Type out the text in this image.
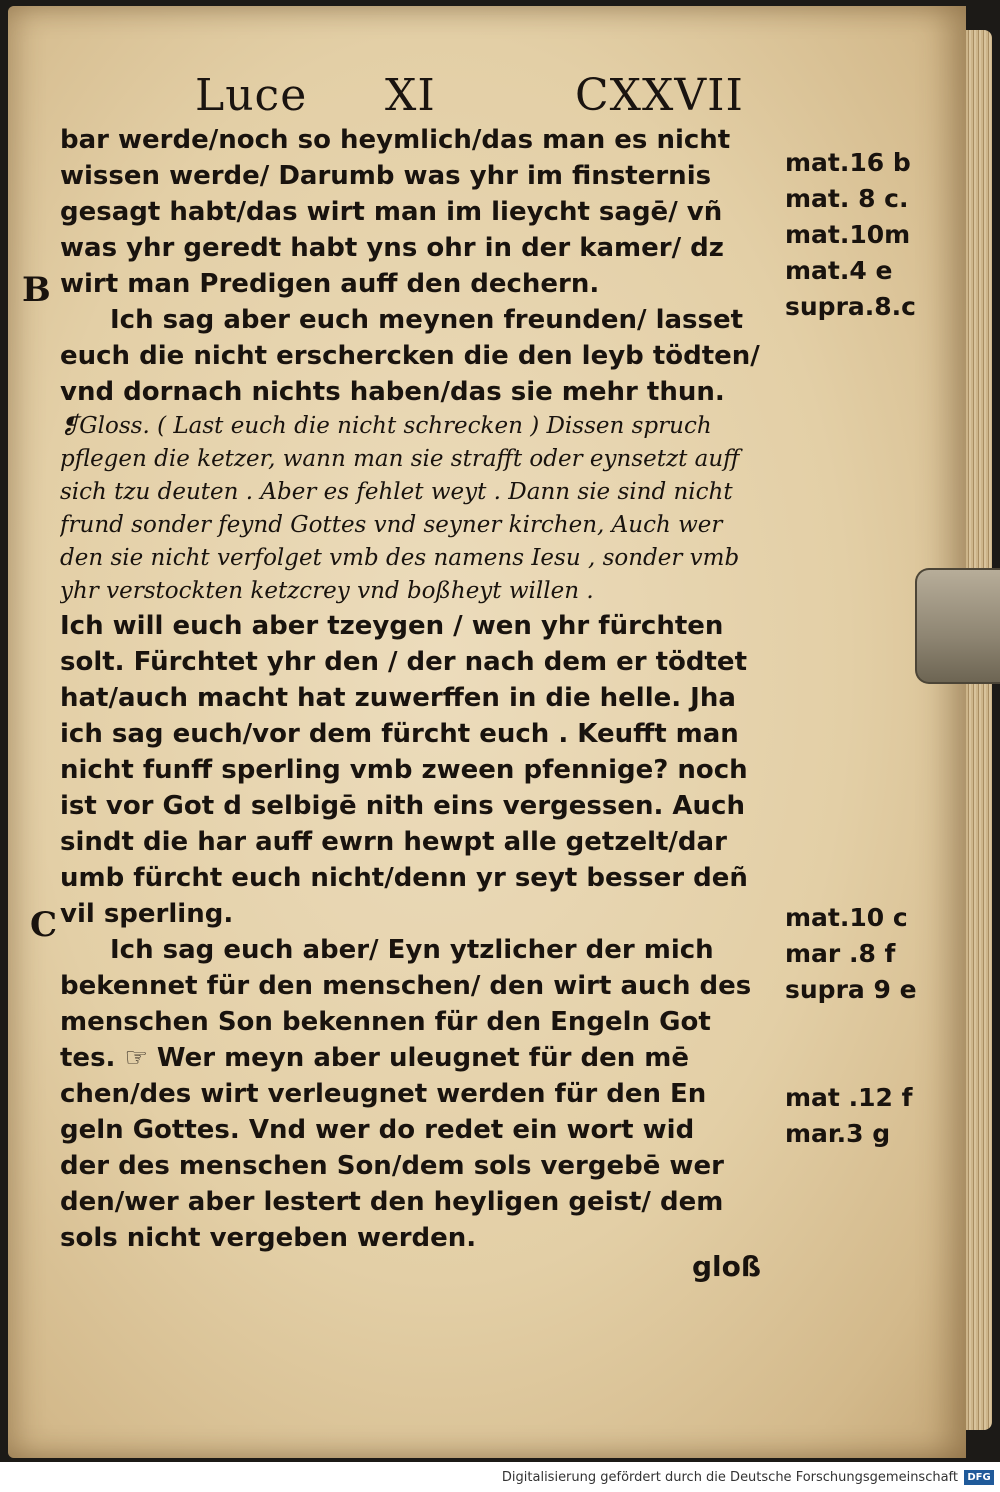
Luce XI	CXXVII
B
C
bar werde/noch so heymlich/das man es nicht
wissen werde/ Darumb was yhr im finsternis
gesagt habt/das wirt man im lieycht sagē/ vñ
was yhr geredt habt yns ohr in der kamer/ dz
wirt man Predigen auff den dechern.
Ich sag aber euch meynen freunden/ lasset
euch die nicht erschercken die den leyb tödten/
vnd dornach nichts haben/das sie mehr thun.
❡Gloss. ( Last euch die nicht schrecken ) Dissen spruch
pflegen die ketzer, wann man sie strafft oder eynsetzt auff
sich tzu deuten . Aber es fehlet weyt . Dann sie sind nicht
frund sonder feynd Gottes vnd seyner kirchen, Auch wer
den sie nicht verfolget vmb des namens Iesu , sonder vmb
yhr verstockten ketzcrey vnd boßheyt willen .
Ich will euch aber tzeygen / wen yhr fürchten
solt. Fürchtet yhr den / der nach dem er tödtet
hat/auch macht hat zuwerffen in die helle. Jha
ich sag euch/vor dem fürcht euch . Keufft man
nicht funff sperling vmb zween pfennige? noch
ist vor Got d selbigē nith eins vergessen. Auch
sindt die har auff ewrn hewpt alle getzelt/dar
umb fürcht euch nicht/denn yr seyt besser deñ
vil sperling.
Ich sag euch aber/ Eyn ytzlicher der mich
bekennet für den menschen/ den wirt auch des
menschen Son bekennen für den Engeln Got
tes. ☞ Wer meyn aber uleugnet für den mē
chen/des wirt verleugnet werden für den En
geln Gottes. Vnd wer do redet ein wort wid
der des menschen Son/dem sols vergebē wer
den/wer aber lestert den heyligen geist/ dem
sols nicht vergeben werden.
mat.16 b
mat. 8 c.
mat.10m
mat.4 e
supra.8.c
mat.10 c
mar .8 f
supra 9 e
mat .12 f
mar.3 g
gloß
Digitalisierung gefördert durch die Deutsche Forschungsgemeinschaft DFG
